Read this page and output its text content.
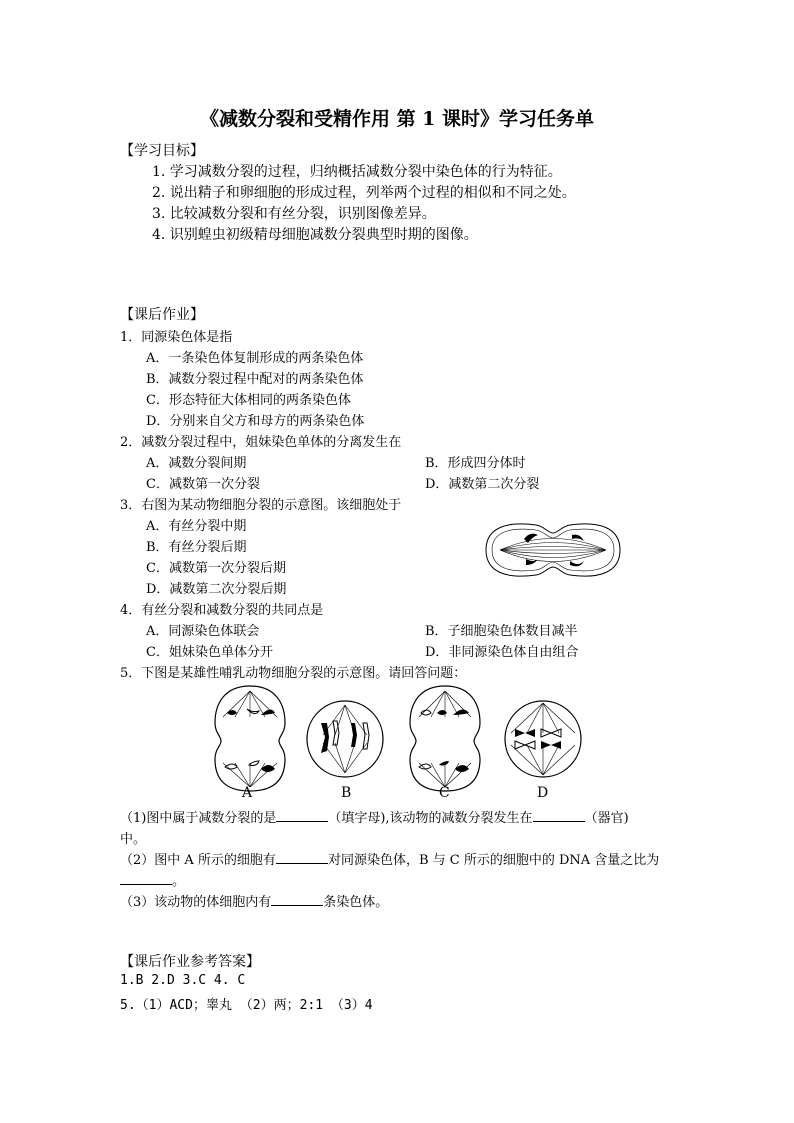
《减数分裂和受精作用 第 1 课时》学习任务单
【学习目标】
1. 学习减数分裂的过程，归纳概括减数分裂中染色体的行为特征。
2. 说出精子和卵细胞的形成过程，列举两个过程的相似和不同之处。
3. 比较减数分裂和有丝分裂，识别图像差异。
4. 识别蝗虫初级精母细胞减数分裂典型时期的图像。
【课后作业】
1．同源染色体是指
A．一条染色体复制形成的两条染色体
B．减数分裂过程中配对的两条染色体
C．形态特征大体相同的两条染色体
D．分别来自父方和母方的两条染色体
2．减数分裂过程中，姐妹染色单体的分离发生在
A．减数分裂间期	B．形成四分体时
C．减数第一次分裂	D．减数第二次分裂
3．右图为某动物细胞分裂的示意图。该细胞处于
A．有丝分裂中期
B．有丝分裂后期
C．减数第一次分裂后期
D．减数第二次分裂后期
4．有丝分裂和减数分裂的共同点是
A．同源染色体联会	B．子细胞染色体数目减半
C．姐妹染色单体分开	D．非同源染色体自由组合
5．下图是某雄性哺乳动物细胞分裂的示意图。请回答问题：
A	B	C	D
（1)图中属于减数分裂的是	（填字母),该动物的减数分裂发生在	（器官)
中。
（2）图中 A 所示的细胞有	对同源染色体，B 与 C 所示的细胞中的 DNA 含量之比为
。
（3）该动物的体细胞内有	条染色体。
【课后作业参考答案】
1.B 2.D 3.C 4. C
5.（1）ACD；睾丸 （2）两；2:1 （3）4
